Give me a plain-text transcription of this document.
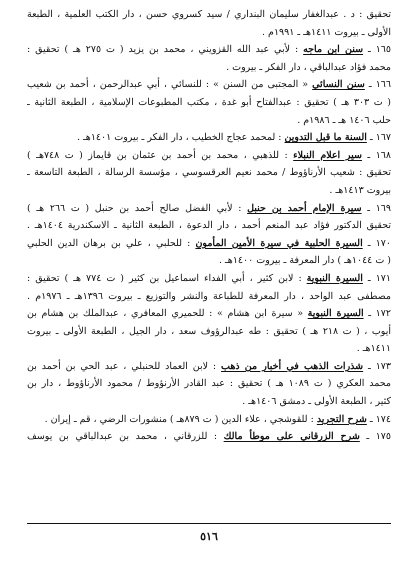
تحقيق : د . عبدالغفار سليمان البنداري / سيد كسروي حسن ، دار الكتب العلمية ، الطبعة
الأولى ـ بيروت ١٤١١هـ ـ ١٩٩١م .
١٦٥ ـ سنن ابن ماجه : لأبي عبد الله القزويني ، محمد بن يزيد ( ت ٢٧٥ هـ ) تحقيق :
محمد فؤاد عبدالباقي ، دار الفكر ـ بيروت .
١٦٦ ـ سنن النسائي « المجتبى من السنن » : للنسائي ، أبي عبدالرحمن ، أحمد بن شعيب
( ت ٣٠٣ هـ ) تحقيق : عبدالفتاح أبو غدة ، مكتب المطبوعات الإسلامية ، الطبعة الثانية ـ
حلب ١٤٠٦ هـ ـ ١٩٨٦م .
١٦٧ ـ السنة ما قبل التدوين : لمحمد عجاج الخطيب ، دار الفكر ـ بيروت ١٤٠١هـ .
١٦٨ ـ سير اعلام النبلاء : للذهبي ، محمد بن أحمد بن عثمان بن قايماز ( ت ٧٤٨هـ )
تحقيق : شعيب الأرناؤوط / محمد نعيم العرقسوسي ، مؤسسة الرسالة ، الطبعة التاسعة ـ
بيروت ١٤١٣هـ .
١٦٩ ـ سيرة الإمام أحمد بن حنبل : لأبي الفضل صالح أحمد بن حنبل ( ت ٢٦٦ هـ )
تحقيق الدكتور فؤاد عبد المنعم أحمد ، دار الدعوة ، الطبعة الثانية ـ الاسكندرية ١٤٠٤هـ .
١٧٠ ـ السيرة الحلبية في سيرة الأمين المأمون : للحلبي ، علي بن برهان الدين الحلبي
( ت ١٠٤٤هـ ) دار المعرفة ـ بيروت ١٤٠٠هـ .
١٧١ ـ السيرة النبوية : لابن كثير ، أبي الفداء اسماعيل بن كثير ( ت ٧٧٤ هـ ) تحقيق :
مصطفى عبد الواحد ، دار المعرفة للطباعة والنشر والتوزيع ـ بيروت ١٣٩٦هـ ـ ١٩٧٦م .
١٧٢ ـ السيرة النبوية « سيرة ابن هشام » : للحميري المعافري ، عبدالملك بن هشام بن
أيوب ، ( ت ٢١٨ هـ ) تحقيق : طه عبدالرؤوف سعد ، دار الجيل ، الطبعة الأولى ـ بيروت
١٤١١هـ .
١٧٣ ـ شذرات الذهب في أخبار من ذهب : لابن العماد للحنبلي ، عبد الحي بن أحمد بن
محمد العكري ( ت ١٠٨٩ هـ ) تحقيق : عبد القادر الأرنؤوط / محمود الأرناؤوط ، دار بن
كثير ، الطبعة الأولى ـ دمشق ١٤٠٦هـ .
١٧٤ ـ شرح التجريد : للقوشجي ، علاء الدين ( ت ٨٧٩هـ ) منشورات الرضي ، قم ـ إيران .
١٧٥ ـ شرح الزرقاني على موطأ مالك : للزرقاني ، محمد بن عبدالباقي بن يوسف
٥١٦
